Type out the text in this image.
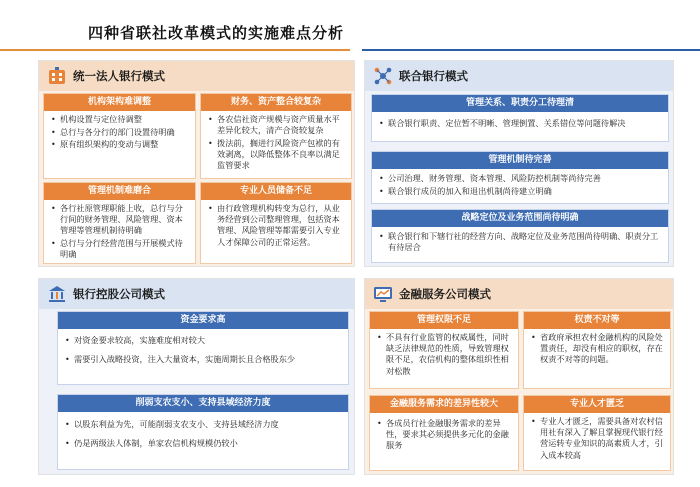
四种省联社改革模式的实施难点分析
统一法人银行模式
机构架构难调整
• 机构设置与定位待调整
• 总行与各分行的部门设置待明确
• 原有组织架构的变动与调整
财务、资产整合较复杂
• 各农信社资产规模与资产质量水平差异化较大，清产合资较复杂
• 拨法前，搁进行风险资产包袱的有效剥离，以降低整体不良率以满足监管要求
管理机制难磨合
• 各行社原管理职能上收，总行与分行间的财务管理、风险管理、资本管理等管理机制待明确
• 总行与分行经营范围与开展模式待明确
专业人员储备不足
• 由行政管理机构转变为总行，从业务经营到公司整理管理，包括资本管理、风险管理等都需要引入专业人才保障公司的正常运营。
联合银行模式
管理关系、职责分工待理清
• 联合银行职责、定位暂不明晰、管理倒置、关系错位等问题待解决
管理机制待完善
• 公司治理、财务管理、资本管理、风险防控机制等尚待完善
• 联合银行成员的加入和退出机制尚待建立明确
战略定位及业务范围尚待明确
• 联合银行和下辖行社的经营方向、战略定位及业务范围尚待明确、职责分工有待居合
银行控股公司模式
资金要求高
• 对资金要求较高，实施难度相对较大
• 需要引入战略投资，注入大量资本，实施周期长且合格股东少
削弱支农支小、支持县域经济力度
• 以股东利益为先，可能削弱支农支小、支持县域经济力度
• 仍是两级法人体制，单家农信机构规模仍较小
金融服务公司模式
管理权限不足
• 不具有行业监管的权威属性，同时缺乏法律规范的性质，导致管理权限不足，农信机构的整体组织性相对松散
权责不对等
• 省政府承担农村金融机构的风险处置责任，却没有相应的职权，存在权责不对等的问题。
金融服务需求的差异性较大
• 各成员行社金融服务需求的差异性，要求其必须提供多元化的金融服务
专业人才匮乏
• 专业人才匮乏，需要具备对农村信用社有深入了解且掌握现代银行经营运转专业知识的高素质人才，引入成本较高
